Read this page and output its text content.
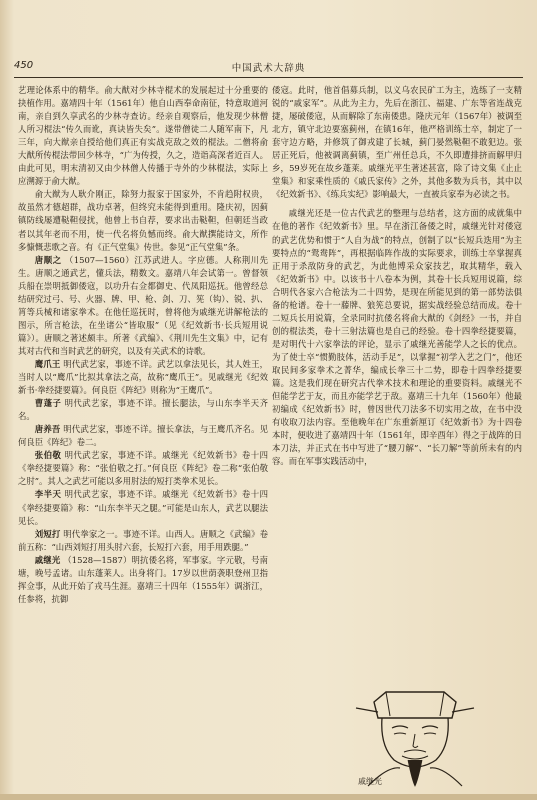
450	中国武术大辞典

艺理论体系中的精华。俞大猷对少林寺棍术的发展起过十分重要的抉植作用。嘉靖四十年（1561年）他自山西奉命南征，特意取道河南，亲自到久享武名的少林寺查访。经亲自观察后，他发现少林僧人所习棍法“传久而讹，真诀皆失矣”。遂带僧徒二人随军南下，凡三年，向大猷亲自授给他们真正有实战克敌之效的棍法。二僧将俞大猷所传棍法带回少林寺，“广为传授，久之，造诣高深者近百人。由此可见，明末清初又由少林僧人传播于寺外的少林棍法，实际上应溯源于俞大猷。

俞大猷为人耿介刚正，除努力报家于国家外，不肯趋附权贵，故虽然才德超群，战功卓著，但终究未能得到重用。隆庆初，因蓟镇防线屡遭鞑靼侵扰，他曾上书自荐，要求出击鞑靼，但朝廷当政者以其年老而不用，使一代名将负憾而终。俞大猷撰能诗文，所作多慷慨悲歌之音。有《正气堂集》传世。参见“正气堂集”条。

唐顺之 （1507—1560）江苏武进人。字应德。人称荆川先生。唐顺之通武艺，懂兵法，精数文。嘉靖八年会试第一。曾督领兵船在崇明抵御倭寇，以功升右佥都御史、代凤阳巡抚。他曾经总结研究过弓、号、火器、牌、甲、枪、剑、刀、筅（钩）、锐、扒、筲等兵械和诸家拳术。在他任巡抚时，曾将他为戚继光讲解枪法的图示，所言枪法，在坐诸公“皆取服”（见《纪效新书·长兵短用说篇》）。唐顺之著述颇丰。所著《武编》、《荆川先生文集》中，记有其对古代和当时武艺的研究，以及有关武术的诗歌。

鹰爪王 明代武艺家，事迹不详。武艺以拿法见长，其人姓王，当时人以“鹰爪”比拟其拿法之高，故称“鹰爪王”。见戚继光《纪效新书·拳经捷要篇》。何良臣《阵纪》则称为“王鹰爪”。

曹蓬子 明代武艺家，事迹不详。擅长腿法，与山东李半天齐名。

唐养吾 明代武艺家，事迹不详。擅长拿法，与王鹰爪齐名。见何良臣《阵纪》卷二。

张伯敬 明代武艺家，事迹不详。戚继光《纪效新书》卷十四《拳经捷要篇》称：“张伯敬之打。”何良臣《阵纪》卷二称“张伯敬之肘”。其人之武艺可能以多用肘法的短打类拳术见长。

李半天 明代武艺家，事迹不详。戚继光《纪效新书》卷十四《拳经捷要篇》称：“山东李半天之腿。”可能是山东人，武艺以腿法见长。

刘短打 明代拳家之一。事迹不详。山西人。唐顺之《武编》卷前五称：“山西刘短打用头肘六套，长短打六套，用手用跌腿。”

戚继光 （1528—1587）明抗倭名将，军事家。字元敬，号南塘，晚号孟诸。山东蓬莱人。出身将门。17岁以世荫袭职登州卫指挥佥事，从此开始了戎马生涯。嘉靖三十四年（1555年）调浙江，任参将，抗御

倭寇。此时，他首倡募兵制，以义乌农民矿工为主，选练了一支精锐的“戚家军”。从此为主力，先后在浙江、福建、广东等省连战克捷，屡破倭寇，从而解除了东南倭患。隆庆元年（1567年）被调至北方，镇守北边要塞蓟州，在镇16年，他严格训练士卒，制定了一套守边方略，并修筑了御戎建了长城，蓟门晏然鞑靼不敢犯边。张居正死后，他被调离蓟镇，至广州任总兵，不久即遭排挤而解甲归乡，59岁死在故乡蓬莱。戚继光平生著述甚富，除了诗文集《止止堂集》和家乘性质的《戚氏家传》之外，其他多数为兵书，其中以《纪效新书》、《练兵实纪》影响最大，一直被兵家奉为必读之书。

戚继光还是一位古代武艺的整理与总结者，这方面的成就集中在他的著作《纪效新书》里。早在浙江备倭之时，戚继光针对倭寇的武艺优势和惯于“人自为战”的特点，创制了以“长短兵迭用”为主要特点的“鸳鸯阵”，再根据临阵作战的实际要求，训练士卒掌握真正用于杀敌防身的武艺，为此他博采众家技艺，取其精华，载入《纪效新书》中。以该书十八卷本为例，其卷十长兵短用说篇，综合明代各家六合枪法为二十四势，是现在所能见到的第一部势法俱备的枪谱。卷十一藤牌、狼筅总要说，据实战经验总结而成。卷十二短兵长用说篇，全录同时抗倭名将俞大猷的《剑经》一书，并自创的棍法类，卷十三射法篇也是自己的经验。卷十四拳经捷要篇，是对明代十六家拳法的评论，显示了戚继光善能学人之长的优点。为了使士卒“惯勤肢体，活动手足”，以掌握“初学入艺之门”，他还取民间多家拳术之菁华，编成长拳三十二势，即卷十四拳经捷要篇。这是我们现在研究古代拳术技术和理论的重要资料。戚继光不但能学艺于友，而且亦能学艺于敌。嘉靖三十九年（1560年）他最初编成《纪效新书》时，曾因世代刀法多不切实用之故，在书中没有收取刀法内容。至他晚年在广东重新厘订《纪效新书》为十四卷本时，便收进了嘉靖四十年（1561年，即辛酉年）得之于战阵的日本刀法，并正式在书中写进了“腰刀解”、“长刀解”等前所未有的内容。而在军事实践活动中，

戚继光
